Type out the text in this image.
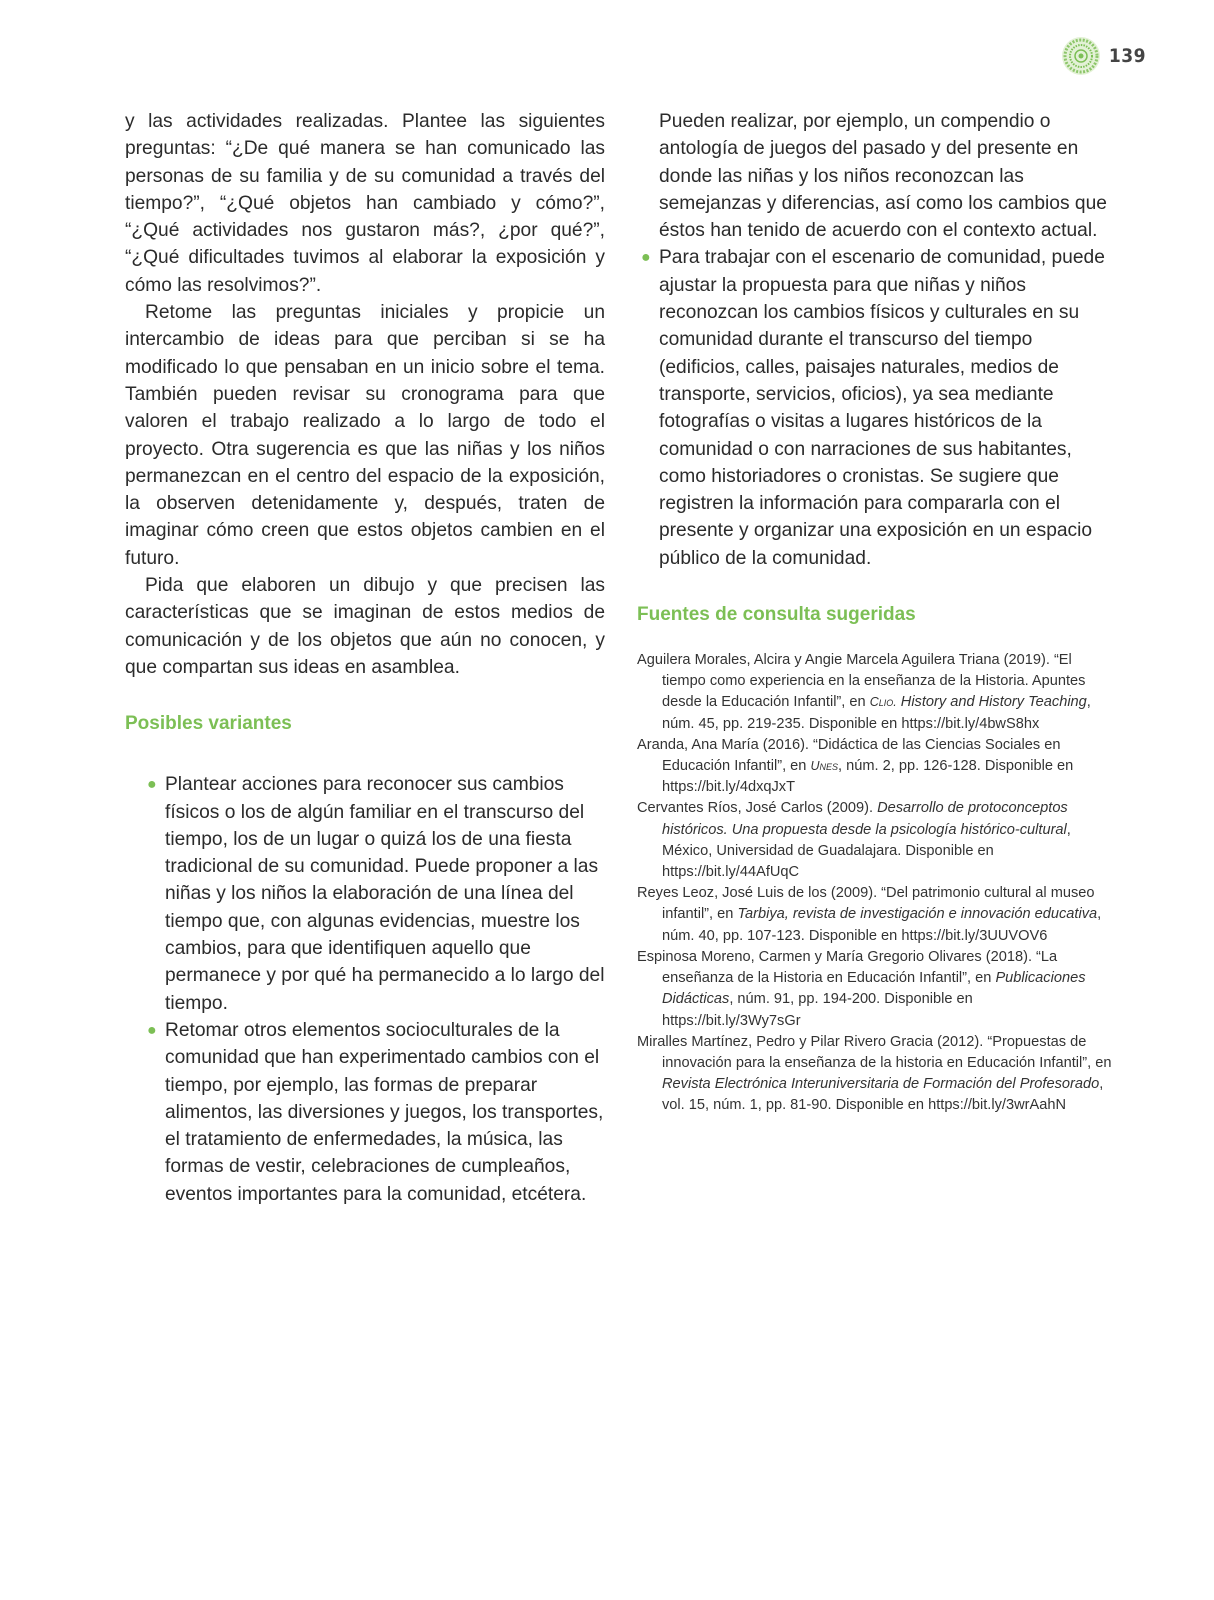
139

y las actividades realizadas. Plantee las siguientes preguntas: “¿De qué manera se han comunicado las personas de su familia y de su comunidad a través del tiempo?”, “¿Qué objetos han cambiado y cómo?”, “¿Qué actividades nos gustaron más?, ¿por qué?”, “¿Qué dificultades tuvimos al elaborar la exposición y cómo las resolvimos?”.

Retome las preguntas iniciales y propicie un intercambio de ideas para que perciban si se ha modificado lo que pensaban en un inicio sobre el tema. También pueden revisar su cronograma para que valoren el trabajo realizado a lo largo de todo el proyecto. Otra sugerencia es que las niñas y los niños permanezcan en el centro del espacio de la exposición, la observen detenidamente y, después, traten de imaginar cómo creen que estos objetos cambien en el futuro.

Pida que elaboren un dibujo y que precisen las características que se imaginan de estos medios de comunicación y de los objetos que aún no conocen, y que compartan sus ideas en asamblea.

Posibles variantes
● Plantear acciones para reconocer sus cambios físicos o los de algún familiar en el transcurso del tiempo, los de un lugar o quizá los de una fiesta tradicional de su comunidad. Puede proponer a las niñas y los niños la elaboración de una línea del tiempo que, con algunas evidencias, muestre los cambios, para que identifiquen aquello que permanece y por qué ha permanecido a lo largo del tiempo.
● Retomar otros elementos socioculturales de la comunidad que han experimentado cambios con el tiempo, por ejemplo, las formas de preparar alimentos, las diversiones y juegos, los transportes, el tratamiento de enfermedades, la música, las formas de vestir, celebraciones de cumpleaños, eventos importantes para la comunidad, etcétera.

Pueden realizar, por ejemplo, un compendio o antología de juegos del pasado y del presente en donde las niñas y los niños reconozcan las semejanzas y diferencias, así como los cambios que éstos han tenido de acuerdo con el contexto actual.

● Para trabajar con el escenario de comunidad, puede ajustar la propuesta para que niñas y niños reconozcan los cambios físicos y culturales en su comunidad durante el transcurso del tiempo (edificios, calles, paisajes naturales, medios de transporte, servicios, oficios), ya sea mediante fotografías o visitas a lugares históricos de la comunidad o con narraciones de sus habitantes, como historiadores o cronistas. Se sugiere que registren la información para compararla con el presente y organizar una exposición en un espacio público de la comunidad.
Fuentes de consulta sugeridas

Aguilera Morales, Alcira y Angie Marcela Aguilera Triana (2019). “El tiempo como experiencia en la enseñanza de la Historia. Apuntes desde la Educación Infantil”, en Clio. History and History Teaching, núm. 45, pp. 219-235. Disponible en https://bit.ly/4bwS8hx

Aranda, Ana María (2016). “Didáctica de las Ciencias Sociales en Educación Infantil”, en Unes, núm. 2, pp. 126-128. Disponible en https://bit.ly/4dxqJxT

Cervantes Ríos, José Carlos (2009). Desarrollo de protoconceptos históricos. Una propuesta desde la psicología histórico-cultural, México, Universidad de Guadalajara. Disponible en https://bit.ly/44AfUqC

Reyes Leoz, José Luis de los (2009). “Del patrimonio cultural al museo infantil”, en Tarbiya, revista de investigación e innovación educativa, núm. 40, pp. 107-123. Disponible en https://bit.ly/3UUVOV6

Espinosa Moreno, Carmen y María Gregorio Olivares (2018). “La enseñanza de la Historia en Educación Infantil”, en Publicaciones Didácticas, núm. 91, pp. 194-200. Disponible en https://bit.ly/3Wy7sGr

Miralles Martínez, Pedro y Pilar Rivero Gracia (2012). “Propuestas de innovación para la enseñanza de la historia en Educación Infantil”, en Revista Electrónica Interuniversitaria de Formación del Profesorado, vol. 15, núm. 1, pp. 81-90. Disponible en https://bit.ly/3wrAahN
